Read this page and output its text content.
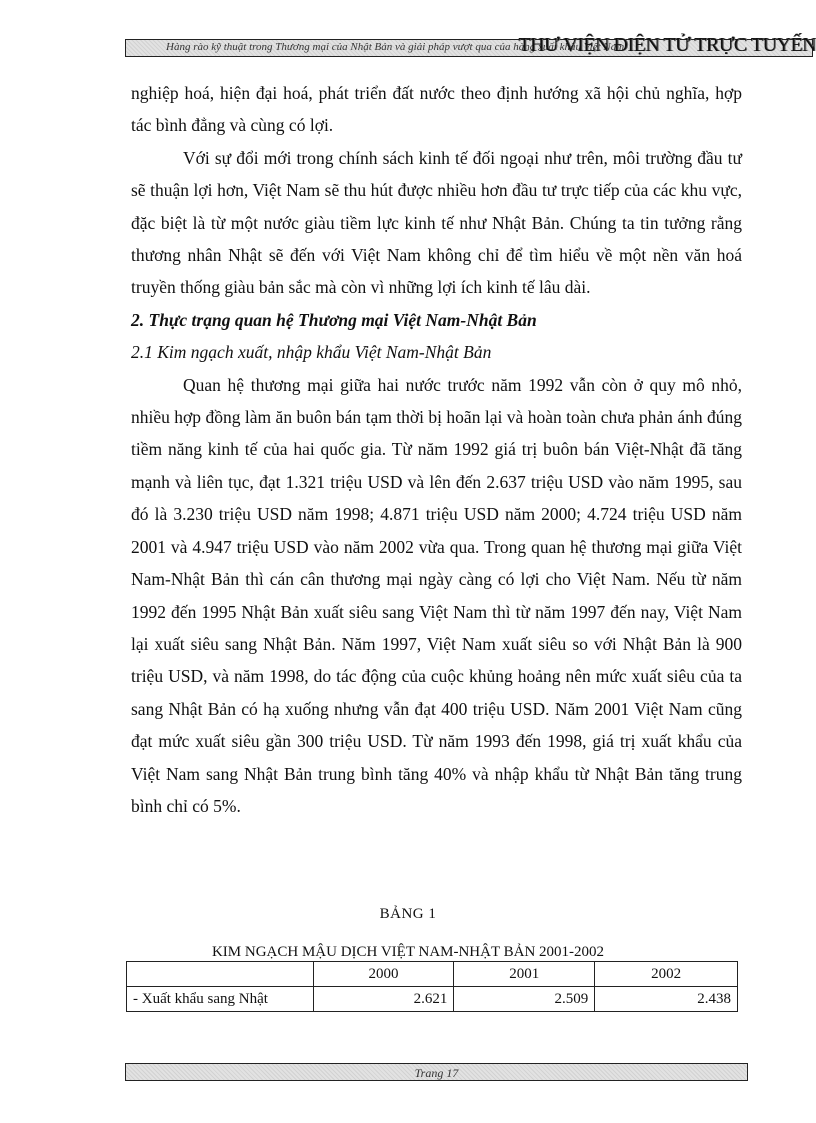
Hàng rào kỹ thuật trong Thương mại của Nhật Bản và giải pháp vượt qua của hàng xuất khẩu Việt Nam
THƯ VIỆN ĐIỆN TỬ TRỰC TUYẾN

nghiệp hoá, hiện đại hoá, phát triển đất nước theo định hướng xã hội chủ nghĩa, hợp tác bình đẳng và cùng có lợi.

Với sự đổi mới trong chính sách kinh tế đối ngoại như trên, môi trường đầu tư sẽ thuận lợi hơn, Việt Nam sẽ thu hút được nhiều hơn đầu tư trực tiếp của các khu vực, đặc biệt là từ một nước giàu tiềm lực kinh tế như Nhật Bản. Chúng ta tin tưởng rằng thương nhân Nhật sẽ đến với Việt Nam không chỉ để tìm hiểu về một nền văn hoá truyền thống giàu bản sắc mà còn vì những lợi ích kinh tế lâu dài.

2. Thực trạng quan hệ Thương mại Việt Nam-Nhật Bản

2.1 Kim ngạch xuất, nhập khẩu Việt Nam-Nhật Bản

Quan hệ thương mại giữa hai nước trước năm 1992 vẫn còn ở quy mô nhỏ, nhiều hợp đồng làm ăn buôn bán tạm thời bị hoãn lại và hoàn toàn chưa phản ánh đúng tiềm năng kinh tế của hai quốc gia. Từ năm 1992 giá trị buôn bán Việt-Nhật đã tăng mạnh và liên tục, đạt 1.321 triệu USD và lên đến 2.637 triệu USD vào năm 1995, sau đó là 3.230 triệu USD năm 1998; 4.871 triệu USD năm 2000; 4.724 triệu USD năm 2001 và 4.947 triệu USD vào năm 2002 vừa qua. Trong quan hệ thương mại giữa Việt Nam-Nhật Bản thì cán cân thương mại ngày càng có lợi cho Việt Nam. Nếu từ năm 1992 đến 1995 Nhật Bản xuất siêu sang Việt Nam thì từ năm 1997 đến nay, Việt Nam lại xuất siêu sang Nhật Bản. Năm 1997, Việt Nam xuất siêu so với Nhật Bản là 900 triệu USD, và năm 1998, do tác động của cuộc khủng hoảng nên mức xuất siêu của ta sang Nhật Bản có hạ xuống nhưng vẫn đạt 400 triệu USD. Năm 2001 Việt Nam cũng đạt mức xuất siêu gần 300 triệu USD. Từ năm 1993 đến 1998, giá trị xuất khẩu của Việt Nam sang Nhật Bản trung bình tăng 40% và nhập khẩu từ Nhật Bản tăng trung bình chỉ có 5%.

BẢNG 1
KIM NGẠCH MẬU DỊCH VIỆT NAM-NHẬT BẢN 2001-2002
	2000	2001	2002
- Xuất khẩu sang Nhật	2.621	2.509	2.438
Trang 17
